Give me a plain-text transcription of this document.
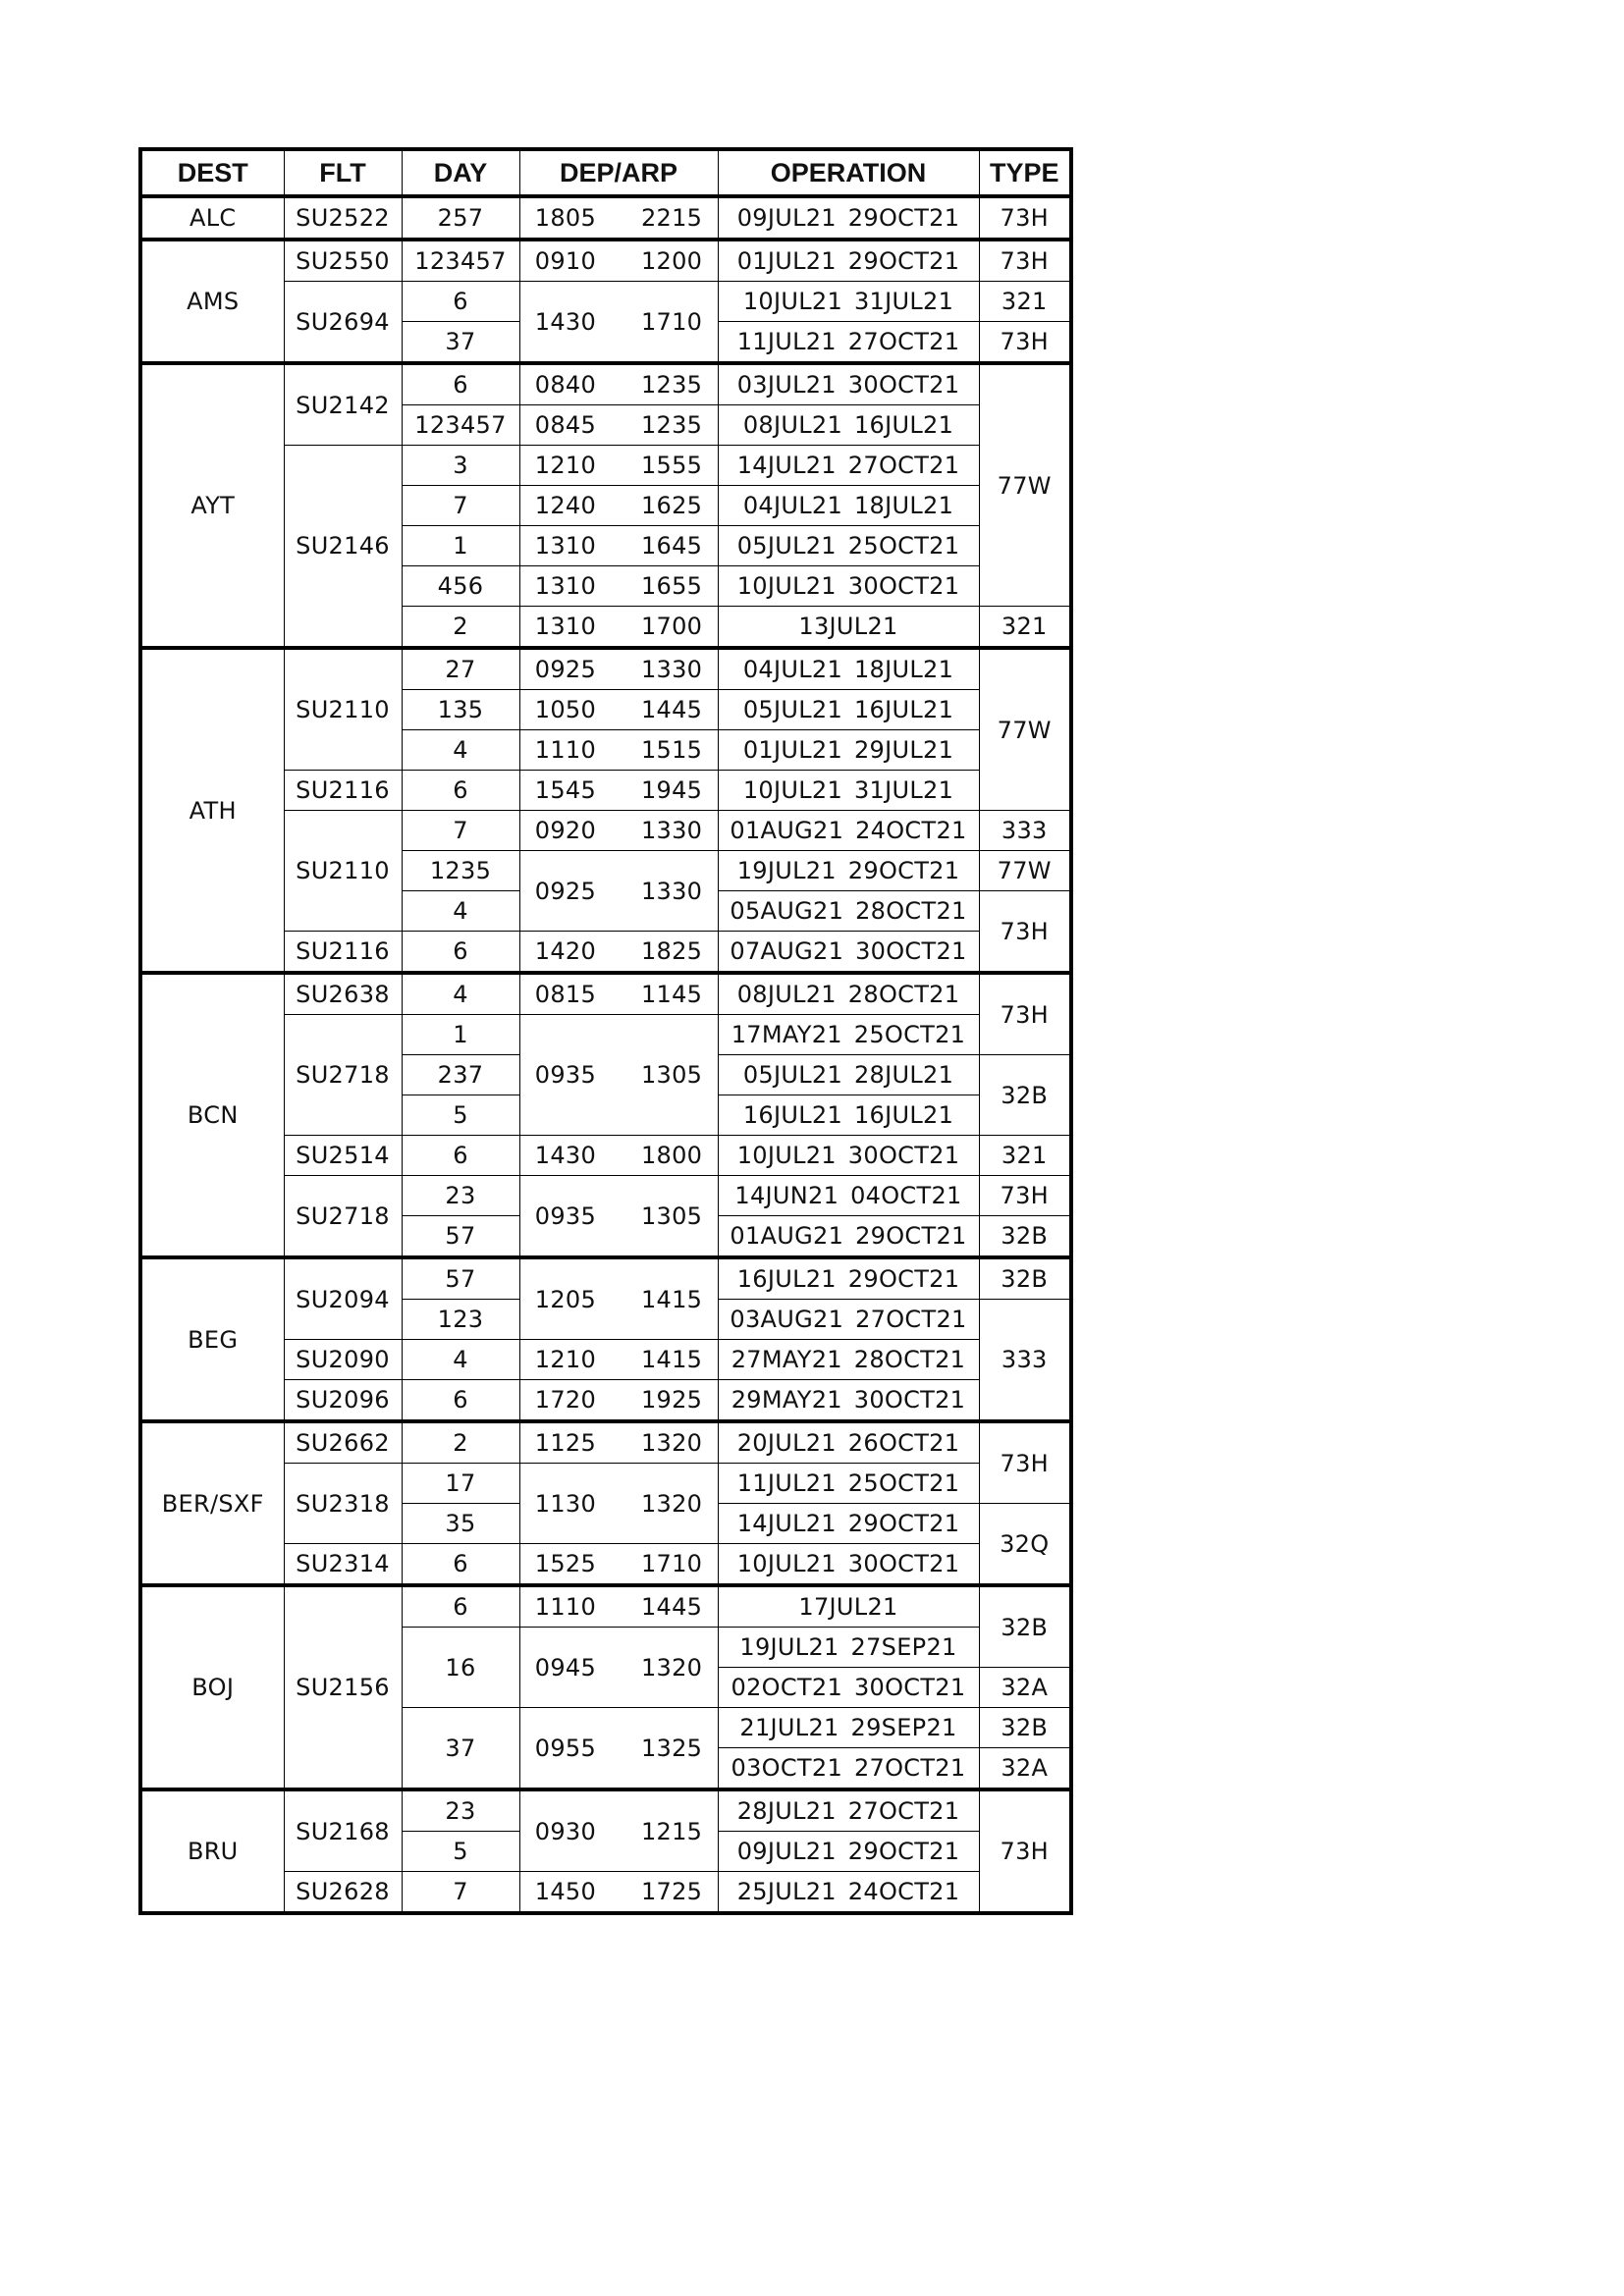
DEST	FLT	DAY	DEP/ARP	OPERATION	TYPE
ALC	SU2522	257	1805 2215	09JUL21 29OCT21	73H
AMS	SU2550	123457	0910 1200	01JUL21 29OCT21	73H
	SU2694	6	1430 1710	10JUL21 31JUL21	321
		37		11JUL21 27OCT21	73H
AYT	SU2142	6	0840 1235	03JUL21 30OCT21	77W
		123457	0845 1235	08JUL21 16JUL21	
	SU2146	3	1210 1555	14JUL21 27OCT21	
		7	1240 1625	04JUL21 18JUL21	
		1	1310 1645	05JUL21 25OCT21	
		456	1310 1655	10JUL21 30OCT21	
		2	1310 1700	13JUL21	321
ATH	SU2110	27	0925 1330	04JUL21 18JUL21	77W
		135	1050 1445	05JUL21 16JUL21	
		4	1110 1515	01JUL21 29JUL21	
	SU2116	6	1545 1945	10JUL21 31JUL21	
	SU2110	7	0920 1330	01AUG21 24OCT21	333
		1235	0925 1330	19JUL21 29OCT21	77W
		4		05AUG21 28OCT21	73H
	SU2116	6	1420 1825	07AUG21 30OCT21	
BCN	SU2638	4	0815 1145	08JUL21 28OCT21	73H
	SU2718	1	0935 1305	17MAY21 25OCT21	
		237		05JUL21 28JUL21	32B
		5		16JUL21 16JUL21	
	SU2514	6	1430 1800	10JUL21 30OCT21	321
	SU2718	23	0935 1305	14JUN21 04OCT21	73H
		57		01AUG21 29OCT21	32B
BEG	SU2094	57	1205 1415	16JUL21 29OCT21	32B
		123		03AUG21 27OCT21	333
	SU2090	4	1210 1415	27MAY21 28OCT21	
	SU2096	6	1720 1925	29MAY21 30OCT21	
BER/SXF	SU2662	2	1125 1320	20JUL21 26OCT21	73H
	SU2318	17	1130 1320	11JUL21 25OCT21	
		35		14JUL21 29OCT21	32Q
	SU2314	6	1525 1710	10JUL21 30OCT21	
BOJ	SU2156	6	1110 1445	17JUL21	32B
		16	0945 1320	19JUL21 27SEP21	
				02OCT21 30OCT21	32A
		37	0955 1325	21JUL21 29SEP21	32B
				03OCT21 27OCT21	32A
BRU	SU2168	23	0930 1215	28JUL21 27OCT21	73H
		5		09JUL21 29OCT21	
	SU2628	7	1450 1725	25JUL21 24OCT21	
